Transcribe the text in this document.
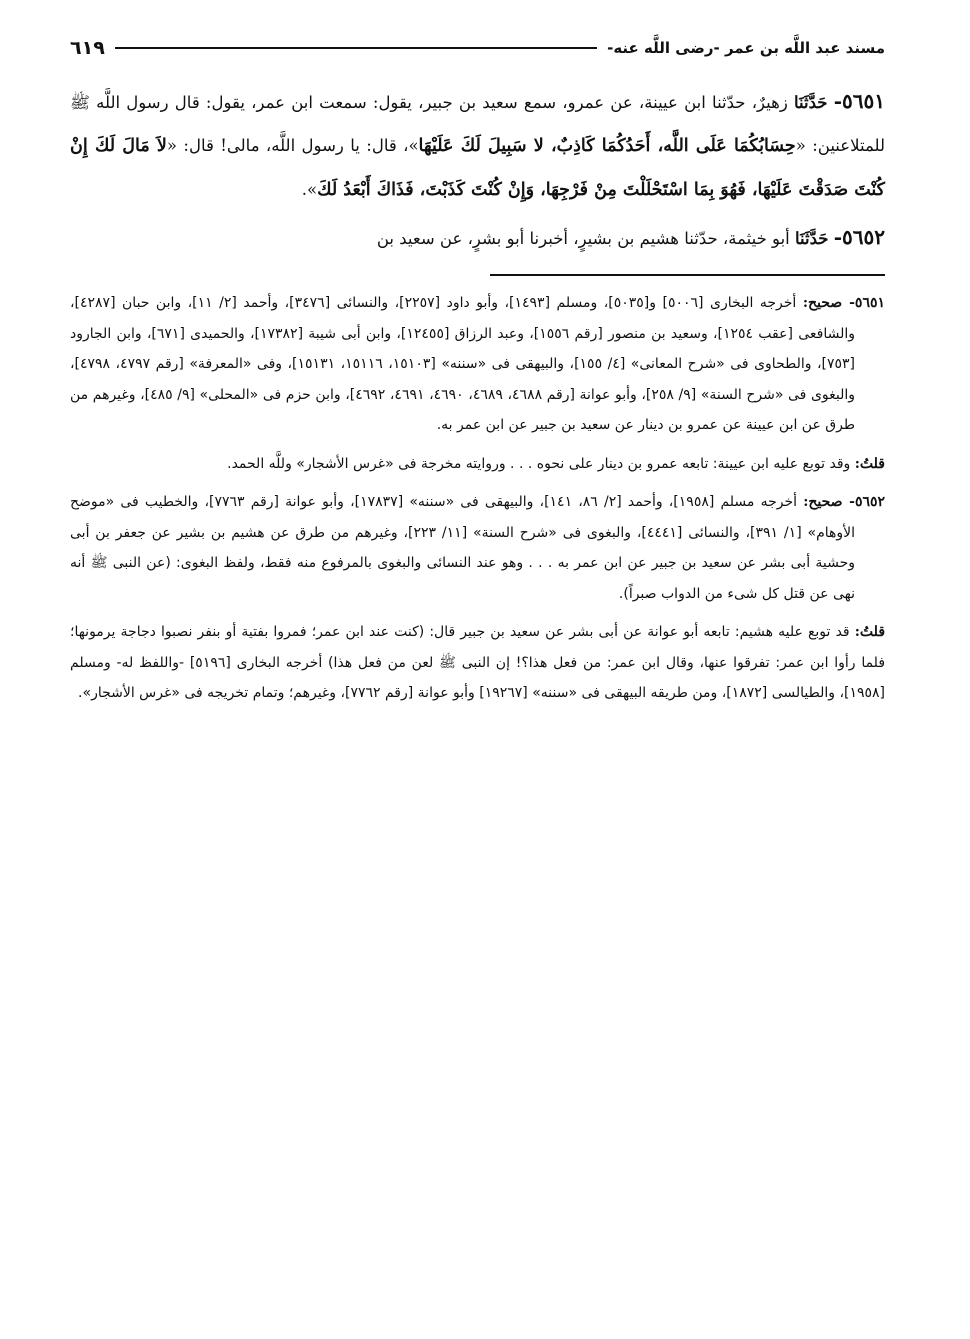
مسند عبد اللَّه بن عمر -رضى اللَّه عنه-
٦١٩

٥٦٥١- حَدَّثَنَا زهيرٌ، حدّثنا ابن عيينة، عن عمرو، سمع سعيد بن جبير، يقول: سمعت ابن عمر، يقول: قال رسول اللَّه ﷺ للمتلاعنين: «حِسَابُكُمَا عَلَى اللَّه، أَحَدُكُمَا كَاذِبٌ، لا سَبِيلَ لَكَ عَلَيْهَا»، قال: يا رسول اللَّه، مالى! قال: «لاَ مَالَ لَكَ إِنْ كُنْتَ صَدَقْتَ عَلَيْهَا، فَهُوَ بِمَا اسْتَحْلَلْتَ مِنْ فَرْجِهَا، وَإِنْ كُنْتَ كَذَبْتَ، فَذَاكَ أَبْعَدُ لَكَ».

٥٦٥٢- حَدَّثَنَا أبو خيثمة، حدّثنا هشيم بن بشيرٍ، أخبرنا أبو بشرٍ، عن سعيد بن

٥٦٥١- صحيح: أخرجه البخارى [٥٠٠٦] و[٥٠٣٥]، ومسلم [١٤٩٣]، وأبو داود [٢٢٥٧]، والنسائى [٣٤٧٦]، وأحمد [٢/ ١١]، وابن حبان [٤٢٨٧]، والشافعى [عقب ١٢٥٤]، وسعيد بن منصور [رقم ١٥٥٦]، وعبد الرزاق [١٢٤٥٥]، وابن أبى شيبة [١٧٣٨٢]، والحميدى [٦٧١]، وابن الجارود [٧٥٣]، والطحاوى فى «شرح المعانى» [٤/ ١٥٥]، والبيهقى فى «سننه» [١٥١٠٣، ١٥١١٦، ١٥١٣١]، وفى «المعرفة» [رقم ٤٧٩٧، ٤٧٩٨]، والبغوى فى «شرح السنة» [٩/ ٢٥٨]، وأبو عوانة [رقم ٤٦٨٨، ٤٦٨٩، ٤٦٩٠، ٤٦٩١، ٤٦٩٢]، وابن حزم فى «المحلى» [٩/ ٤٨٥]، وغيرهم من طرق عن ابن عيينة عن عمرو بن دينار عن سعيد بن جبير عن ابن عمر به.

قلتُ: وقد توبع عليه ابن عيينة: تابعه عمرو بن دينار على نحوه . . . وروايته مخرجة فى «غرس الأشجار» وللَّه الحمد.

٥٦٥٢- صحيح: أخرجه مسلم [١٩٥٨]، وأحمد [٢/ ٨٦، ١٤١]، والبيهقى فى «سننه» [١٧٨٣٧]، وأبو عوانة [رقم ٧٧٦٣]، والخطيب فى «موضح الأوهام» [١/ ٣٩١]، والنسائى [٤٤٤١]، والبغوى فى «شرح السنة» [١١/ ٢٢٣]، وغيرهم من طرق عن هشيم بن بشير عن جعفر بن أبى وحشية أبى بشر عن سعيد بن جبير عن ابن عمر به . . . وهو عند النسائى والبغوى بالمرفوع منه فقط، ولفظ البغوى: (عن النبى ﷺ أنه نهى عن قتل كل شىء من الدواب صبراً).

قلتُ: قد توبع عليه هشيم: تابعه أبو عوانة عن أبى بشر عن سعيد بن جبير قال: (كنت عند ابن عمر؛ فمروا بفتية أو بنفر نصبوا دجاجة يرمونها؛ فلما رأوا ابن عمر: تفرقوا عنها، وقال ابن عمر: من فعل هذا؟! إن النبى ﷺ لعن من فعل هذا) أخرجه البخارى [٥١٩٦] -واللفظ له- ومسلم [١٩٥٨]، والطيالسى [١٨٧٢]، ومن طريقه البيهقى فى «سننه» [١٩٢٦٧] وأبو عوانة [رقم ٧٧٦٢]، وغيرهم؛ وتمام تخريجه فى «غرس الأشجار».
